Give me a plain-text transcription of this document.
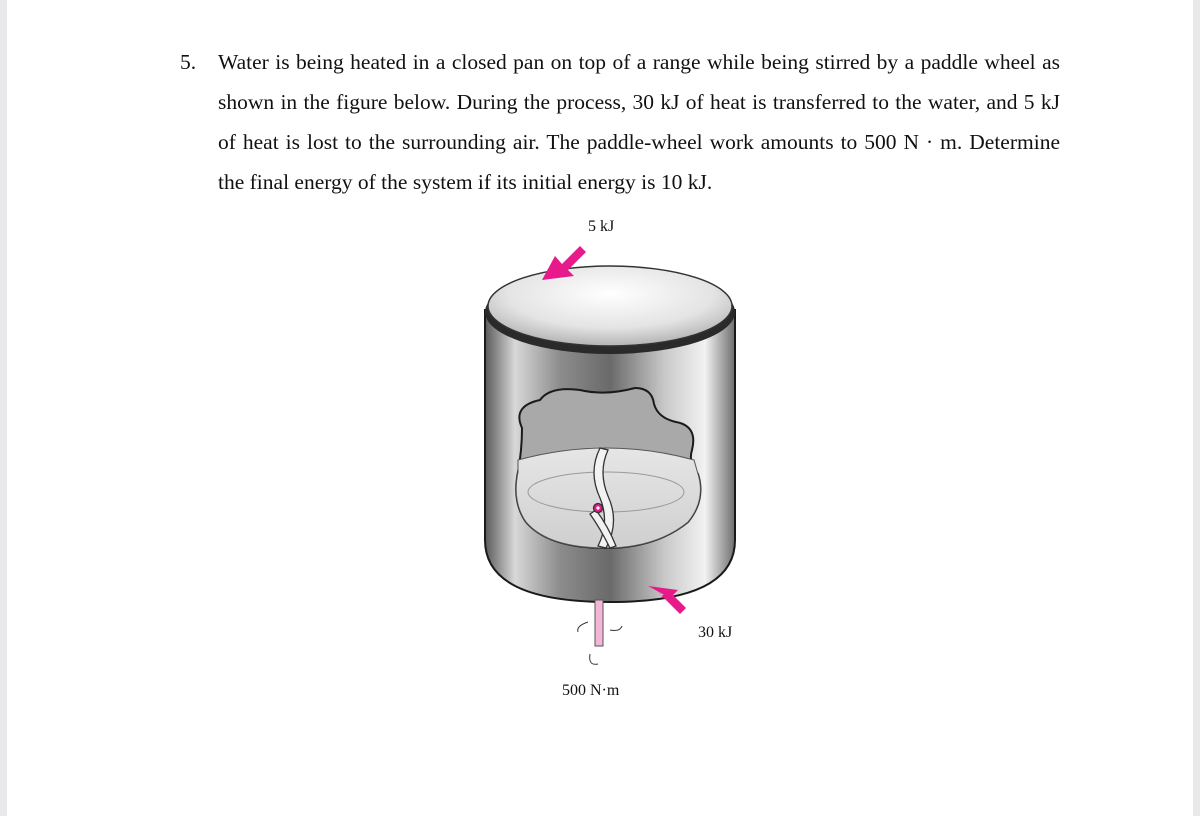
5. Water is being heated in a closed pan on top of a range while being stirred by a paddle wheel as shown in the figure below. During the process, 30 kJ of heat is transferred to the water, and 5 kJ of heat is lost to the surrounding air. The paddle-wheel work amounts to 500 N · m. Determine the final energy of the system if its initial energy is 10 kJ.
5 kJ
30 kJ
500 N·m
